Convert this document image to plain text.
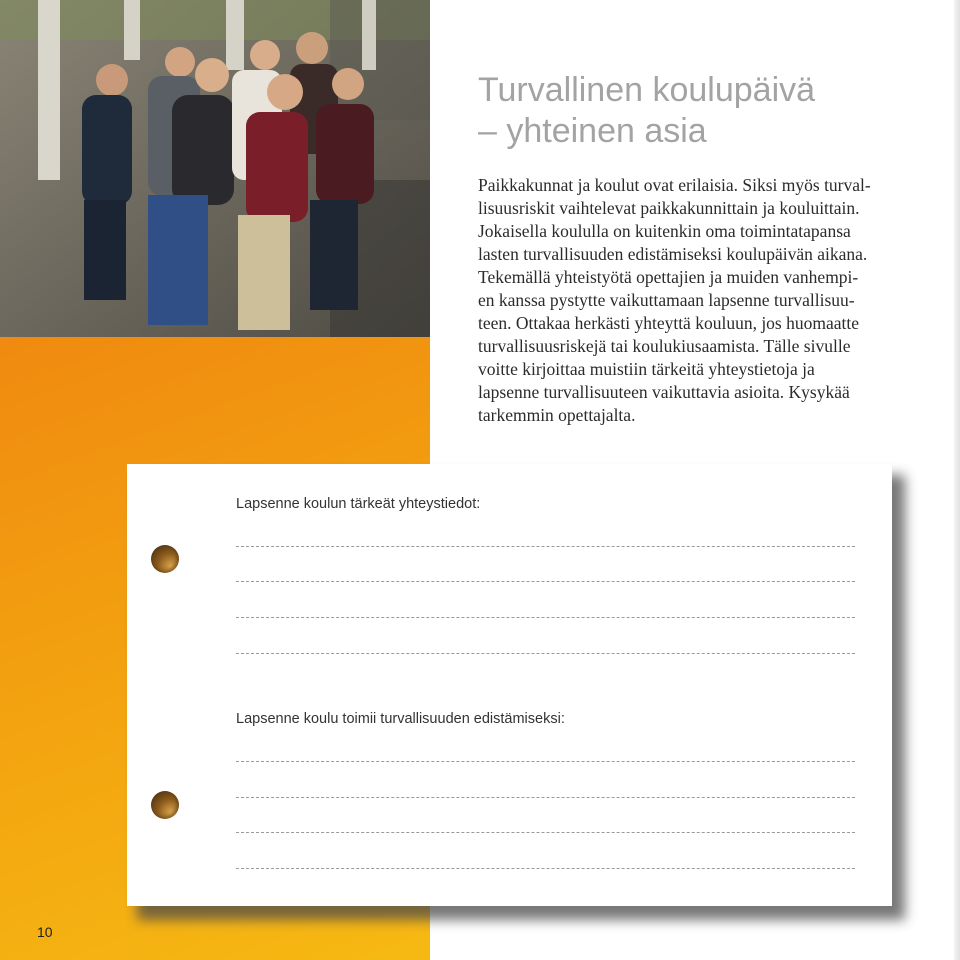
Turvallinen koulupäivä
– yhteinen asia

Paikkakunnat ja koulut ovat erilaisia. Siksi myös turval-
lisuusriskit vaihtelevat paikkakunnittain ja kouluittain.
Jokaisella koululla on kuitenkin oma toimintatapansa
lasten turvallisuuden edistämiseksi koulupäivän aikana.
Tekemällä yhteistyötä opettajien ja muiden vanhempi-
en kanssa pystytte vaikuttamaan lapsenne turvallisuu-
teen. Ottakaa herkästi yhteyttä kouluun, jos huomaatte
turvallisuusriskejä tai koulukiusaamista. Tälle sivulle
voitte kirjoittaa muistiin tärkeitä yhteystietoja ja
lapsenne turvallisuuteen vaikuttavia asioita. Kysykää
tarkemmin opettajalta.

Lapsenne koulun tärkeät yhteystiedot:

Lapsenne koulu toimii turvallisuuden edistämiseksi:

10
